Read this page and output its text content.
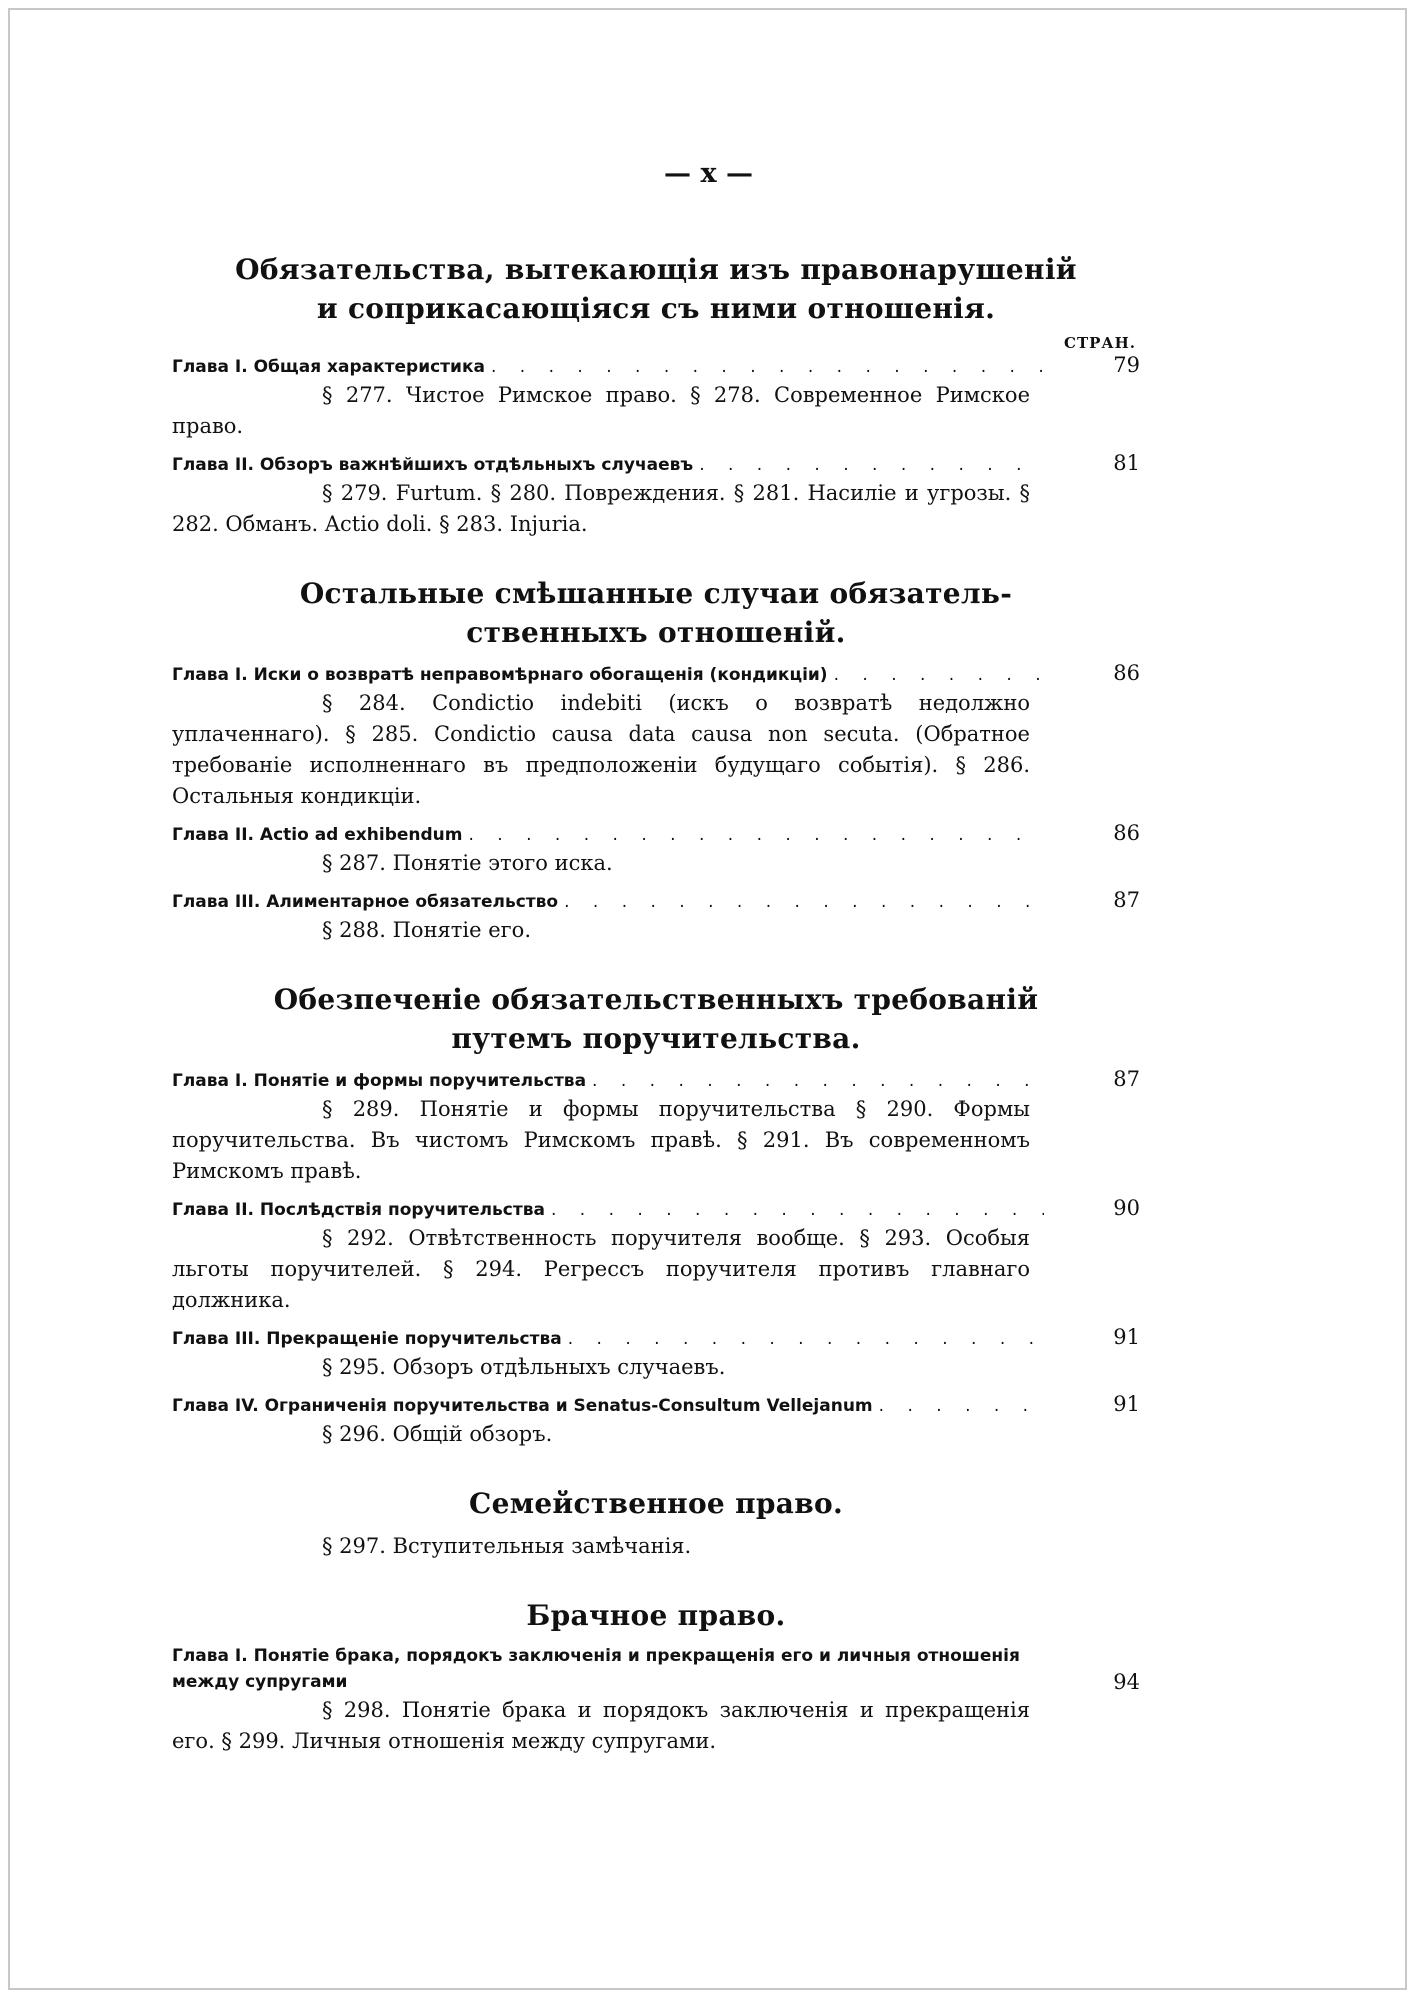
— x —
Обязательства, вытекающія изъ правонарушеній
и соприкасающіяся съ ними отношенія.
СТРАН.
Глава I. Общая характеристика . . .	79
§ 277. Чистое Римское право. § 278. Современное Римское право.
Глава II. Обзоръ важнѣйшихъ отдѣльныхъ случаевъ . . .	81
§ 279. Furtum. § 280. Повреждения. § 281. Насиліе и угрозы. § 282. Обманъ. Actio doli. § 283. Injuria.
Остальные смѣшанные случаи обязатель-
ственныхъ отношеній.
Глава I. Иски о возвратѣ неправомѣрнаго обогащенія (кондикціи) . . .	86
§ 284. Condictio indebiti (искъ о возвратѣ недолжно уплаченнаго). § 285. Condictio causa data causa non secuta. (Обратное требованіе исполненнаго въ предположеніи будущаго событія). § 286. Остальныя кондикціи.
Глава II. Actio ad exhibendum . . .	86
§ 287. Понятіе этого иска.
Глава III. Алиментарное обязательство . . .	87
§ 288. Понятіе его.
Обезпеченіе обязательственныхъ требованій
путемъ поручительства.
Глава I. Понятіе и формы поручительства . . .	87
§ 289. Понятіе и формы поручительства § 290. Формы поручительства. Въ чистомъ Римскомъ правѣ. § 291. Въ современномъ Римскомъ правѣ.
Глава II. Послѣдствія поручительства . . .	90
§ 292. Отвѣтственность поручителя вообще. § 293. Особыя льготы поручителей. § 294. Регрессъ поручителя противъ главнаго должника.
Глава III. Прекращеніе поручительства . . .	91
§ 295. Обзоръ отдѣльныхъ случаевъ.
Глава IV. Ограниченія поручительства и Senatus-Consultum Vellejanum . . .	91
§ 296. Общій обзоръ.
Семейственное право.
§ 297. Вступительныя замѣчанія.
Брачное право.
Глава I. Понятіе брака, порядокъ заключенія и прекращенія его и личныя отношенія между супругами	94
§ 298. Понятіе брака и порядокъ заключенія и прекращенія его. § 299. Личныя отношенія между супругами.
